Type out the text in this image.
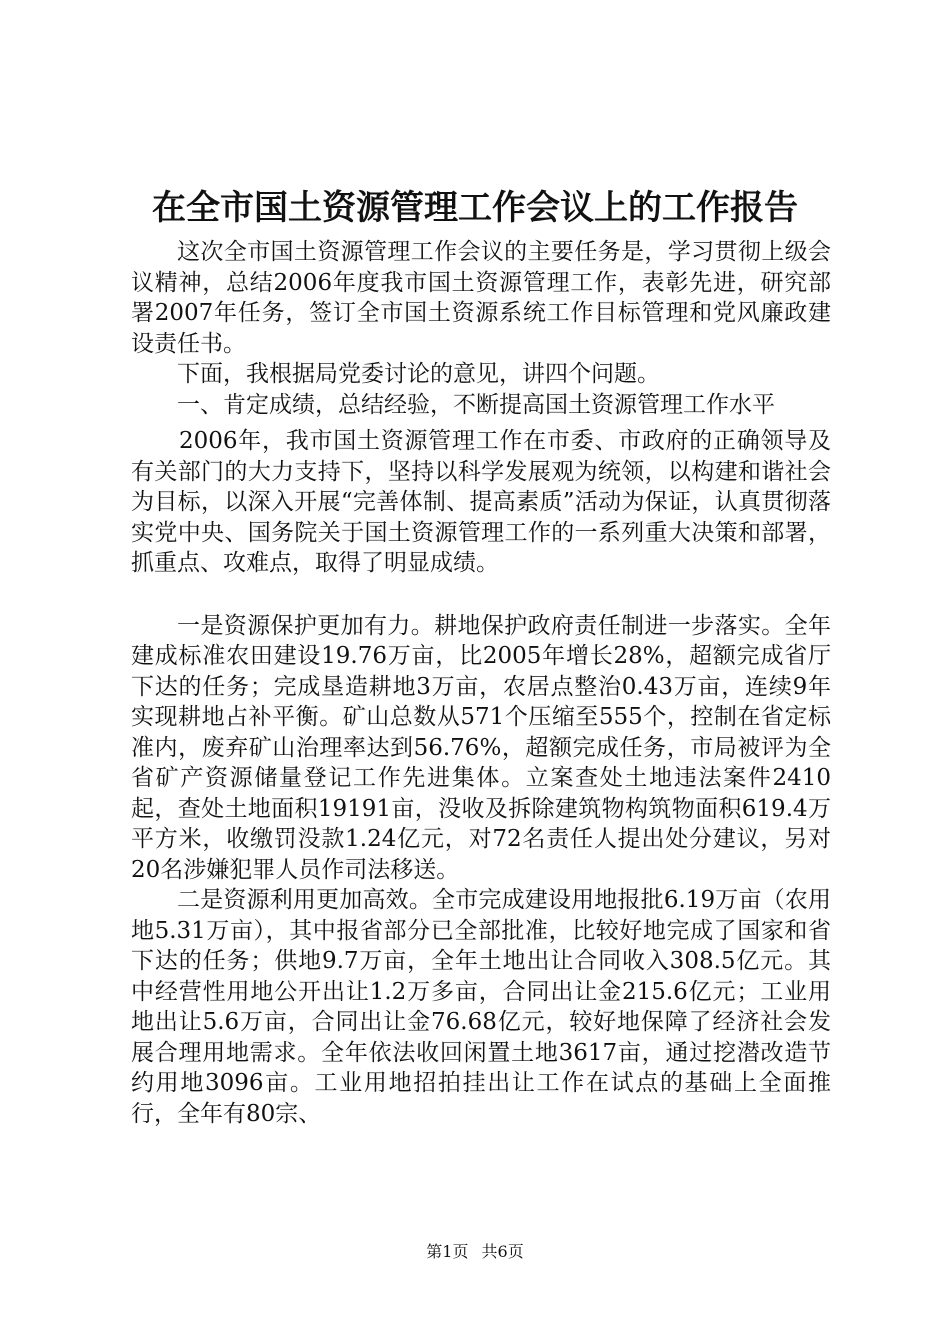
在全市国土资源管理工作会议上的工作报告

这次全市国土资源管理工作会议的主要任务是，学习贯彻上级会议精神，总结2006年度我市国土资源管理工作，表彰先进，研究部署2007年任务，签订全市国土资源系统工作目标管理和党风廉政建设责任书。

下面，我根据局党委讨论的意见，讲四个问题。

一、肯定成绩，总结经验，不断提高国土资源管理工作水平

2006年，我市国土资源管理工作在市委、市政府的正确领导及有关部门的大力支持下，坚持以科学发展观为统领，以构建和谐社会为目标，以深入开展“完善体制、提高素质”活动为保证，认真贯彻落实党中央、国务院关于国土资源管理工作的一系列重大决策和部署，抓重点、攻难点，取得了明显成绩。

一是资源保护更加有力。耕地保护政府责任制进一步落实。全年建成标准农田建设19.76万亩，比2005年增长28%，超额完成省厅下达的任务；完成垦造耕地3万亩，农居点整治0.43万亩，连续9年实现耕地占补平衡。矿山总数从571个压缩至555个，控制在省定标准内，废弃矿山治理率达到56.76%，超额完成任务，市局被评为全省矿产资源储量登记工作先进集体。立案查处土地违法案件2410起，查处土地面积19191亩，没收及拆除建筑物构筑物面积619.4万平方米，收缴罚没款1.24亿元，对72名责任人提出处分建议，另对20名涉嫌犯罪人员作司法移送。

二是资源利用更加高效。全市完成建设用地报批6.19万亩（农用地5.31万亩），其中报省部分已全部批准，比较好地完成了国家和省下达的任务；供地9.7万亩，全年土地出让合同收入308.5亿元。其中经营性用地公开出让1.2万多亩，合同出让金215.6亿元；工业用地出让5.6万亩，合同出让金76.68亿元，较好地保障了经济社会发展合理用地需求。全年依法收回闲置土地3617亩，通过挖潜改造节约用地3096亩。工业用地招拍挂出让工作在试点的基础上全面推行，全年有80宗、

第1页 共6页
